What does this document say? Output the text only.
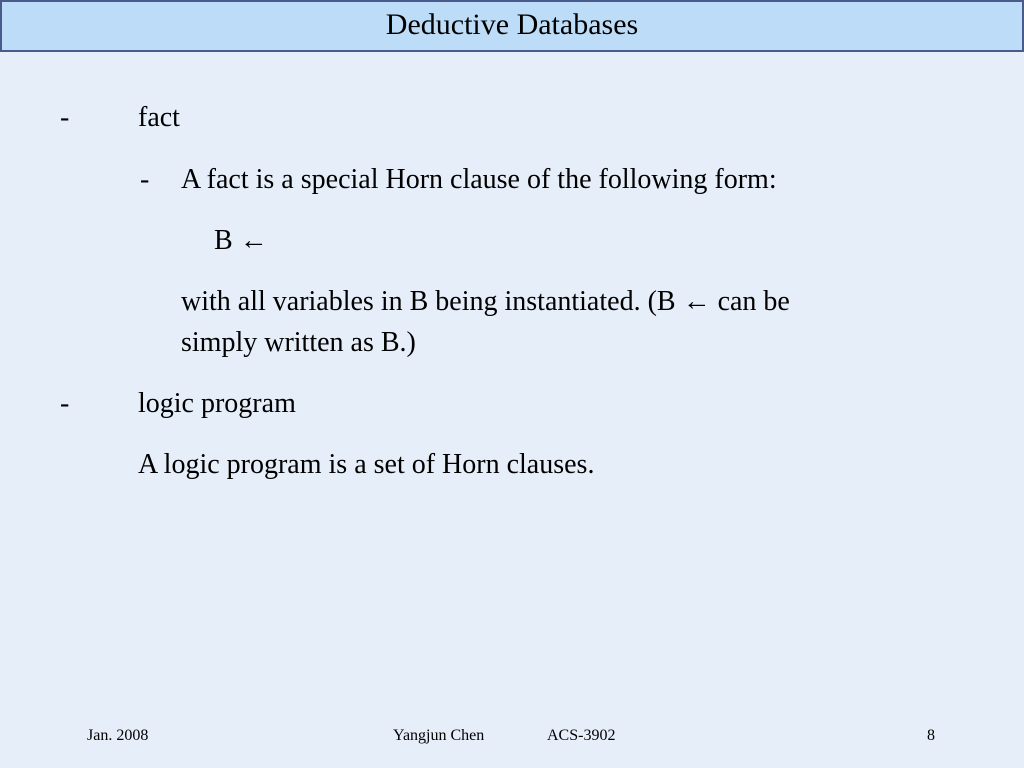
Deductive Databases
- fact
- A fact is a special Horn clause of the following form:
B ←
with all variables in B being instantiated. (B ← can be
simply written as B.)
- logic program
A logic program is a set of Horn clauses.
Jan. 2008	Yangjun Chen	ACS-3902	8
